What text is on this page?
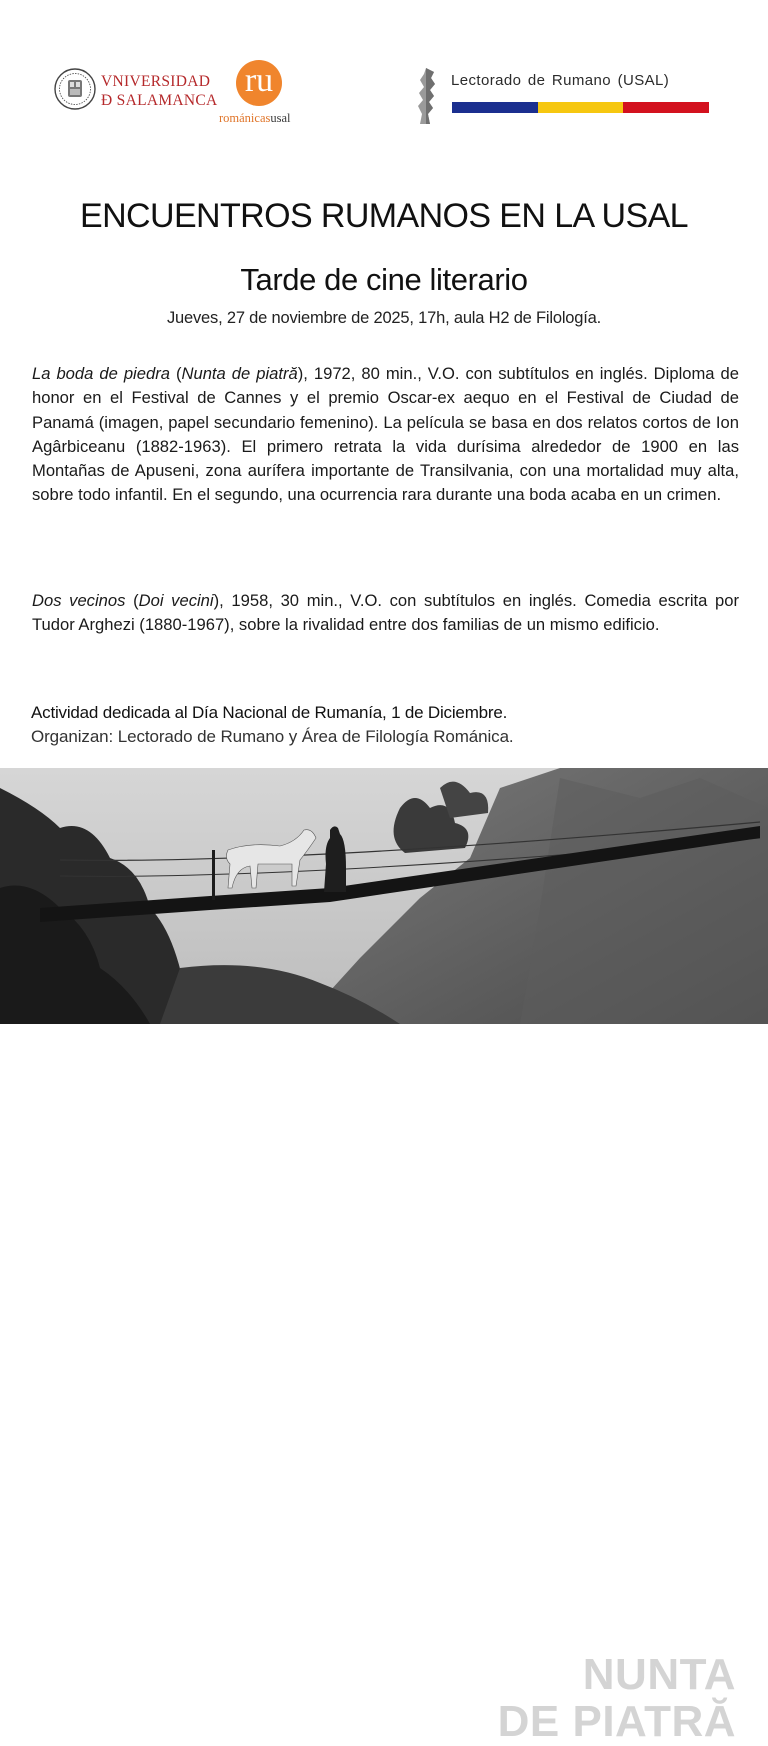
VNIVERSIDAD
Ð SALAMANCA
ru
románicasusal
Lectorado de Rumano (USAL)
ENCUENTROS RUMANOS EN LA USAL
Tarde de cine literario
Jueves, 27 de noviembre de 2025, 17h, aula H2 de Filología.

La boda de piedra (Nunta de piatră), 1972, 80 min., V.O. con subtítulos en inglés. Diploma de honor en el Festival de Cannes y el premio Oscar-ex aequo en el Festival de Ciudad de Panamá (imagen, papel secundario femenino). La película se basa en dos relatos cortos de Ion Agârbiceanu (1882-1963). El primero retrata la vida durísima alrededor de 1900 en las Montañas de Apuseni, zona aurífera importante de Transilvania, con una mortalidad muy alta, sobre todo infantil. En el segundo, una ocurrencia rara durante una boda acaba en un crimen.

Dos vecinos (Doi vecini), 1958, 30 min., V.O. con subtítulos en inglés. Comedia escrita por Tudor Arghezi (1880-1967), sobre la rivalidad entre dos familias de un mismo edificio.

Actividad dedicada al Día Nacional de Rumanía, 1 de Diciembre.
Organizan: Lectorado de Rumano y Área de Filología Románica.
NUNTA
DE PIATRĂ
